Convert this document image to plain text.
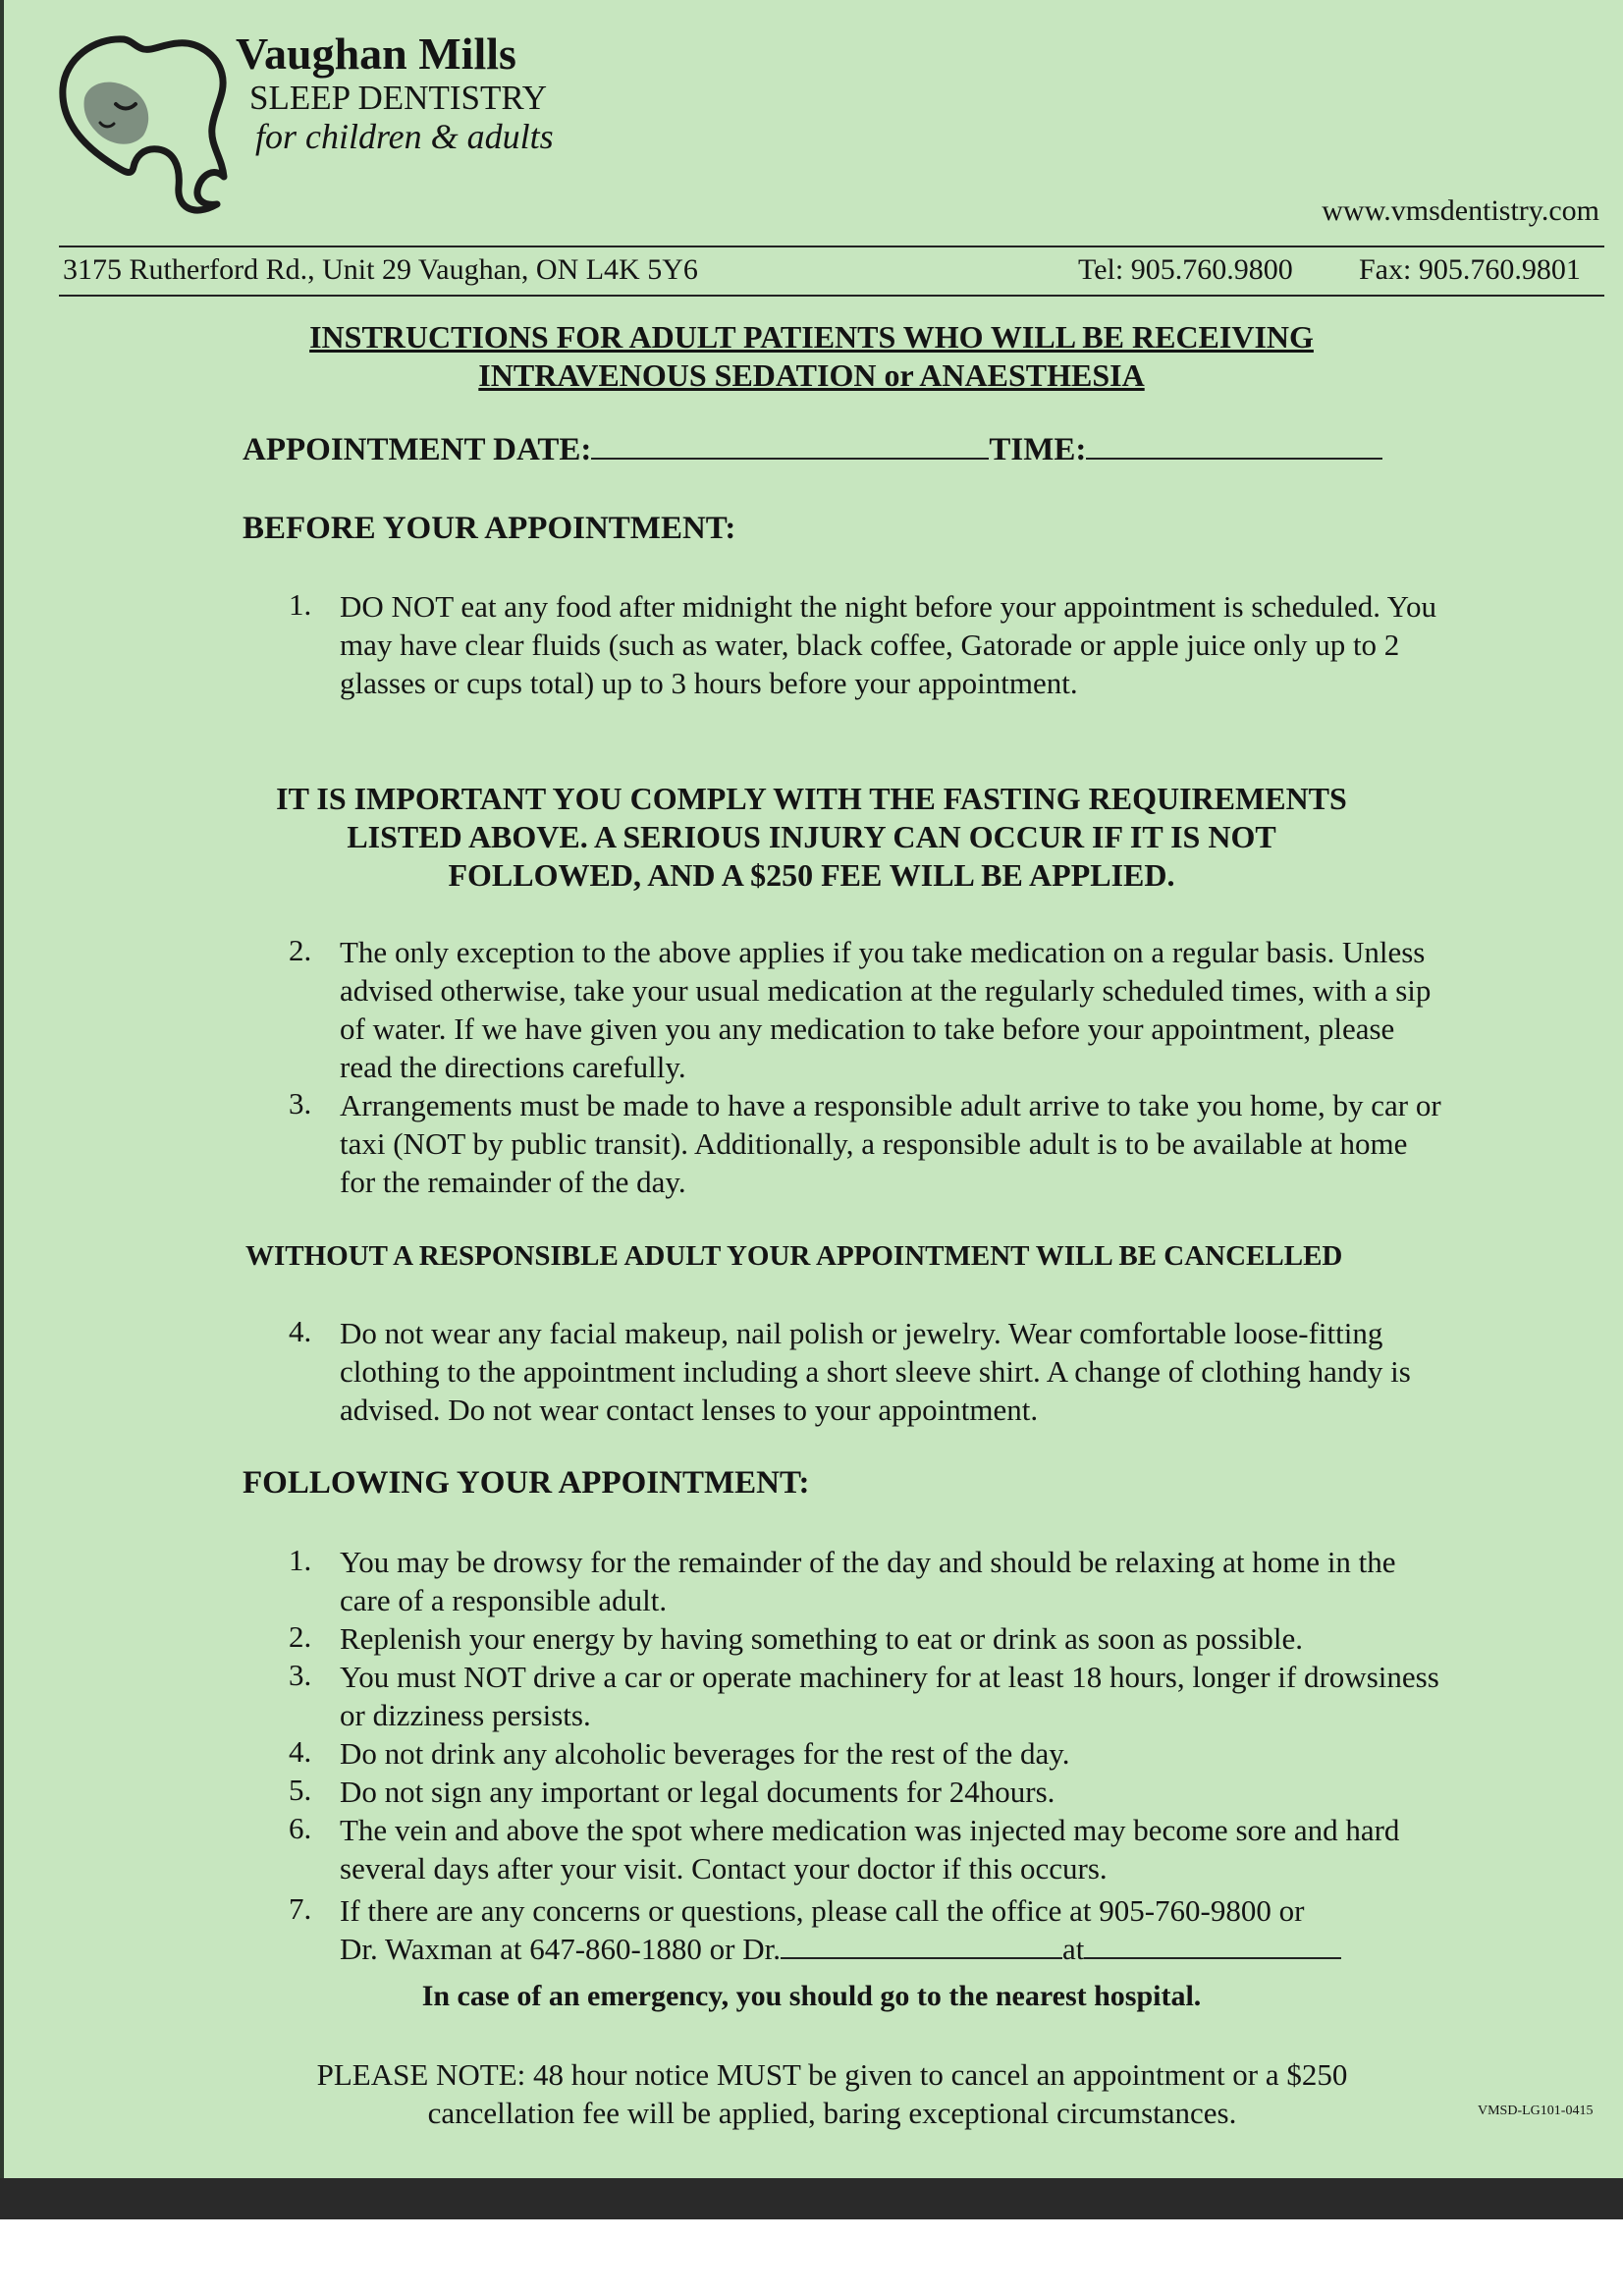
Vaughan Mills
SLEEP DENTISTRY
for children & adults
www.vmsdentistry.com
3175 Rutherford Rd., Unit 29 Vaughan, ON L4K 5Y6	Tel: 905.760.9800 Fax: 905.760.9801
INSTRUCTIONS FOR ADULT PATIENTS WHO WILL BE RECEIVING
INTRAVENOUS SEDATION or ANAESTHESIA
APPOINTMENT DATE:	TIME:
BEFORE YOUR APPOINTMENT:
1. DO NOT eat any food after midnight the night before your appointment is scheduled. You may have clear fluids (such as water, black coffee, Gatorade or apple juice only up to 2 glasses or cups total) up to 3 hours before your appointment.
IT IS IMPORTANT YOU COMPLY WITH THE FASTING REQUIREMENTS
LISTED ABOVE. A SERIOUS INJURY CAN OCCUR IF IT IS NOT
FOLLOWED, AND A $250 FEE WILL BE APPLIED.
2. The only exception to the above applies if you take medication on a regular basis. Unless advised otherwise, take your usual medication at the regularly scheduled times, with a sip of water. If we have given you any medication to take before your appointment, please read the directions carefully.
3. Arrangements must be made to have a responsible adult arrive to take you home, by car or taxi (NOT by public transit). Additionally, a responsible adult is to be available at home for the remainder of the day.
WITHOUT A RESPONSIBLE ADULT YOUR APPOINTMENT WILL BE CANCELLED
4. Do not wear any facial makeup, nail polish or jewelry. Wear comfortable loose-fitting clothing to the appointment including a short sleeve shirt. A change of clothing handy is advised. Do not wear contact lenses to your appointment.
FOLLOWING YOUR APPOINTMENT:
1. You may be drowsy for the remainder of the day and should be relaxing at home in the care of a responsible adult.
2. Replenish your energy by having something to eat or drink as soon as possible.
3. You must NOT drive a car or operate machinery for at least 18 hours, longer if drowsiness or dizziness persists.
4. Do not drink any alcoholic beverages for the rest of the day.
5. Do not sign any important or legal documents for 24hours.
6. The vein and above the spot where medication was injected may become sore and hard several days after your visit. Contact your doctor if this occurs.
7. If there are any concerns or questions, please call the office at 905-760-9800 or
Dr. Waxman at 647-860-1880 or Dr.	at
In case of an emergency, you should go to the nearest hospital.
PLEASE NOTE: 48 hour notice MUST be given to cancel an appointment or a $250
cancellation fee will be applied, baring exceptional circumstances.	VMSD-LG101-0415
